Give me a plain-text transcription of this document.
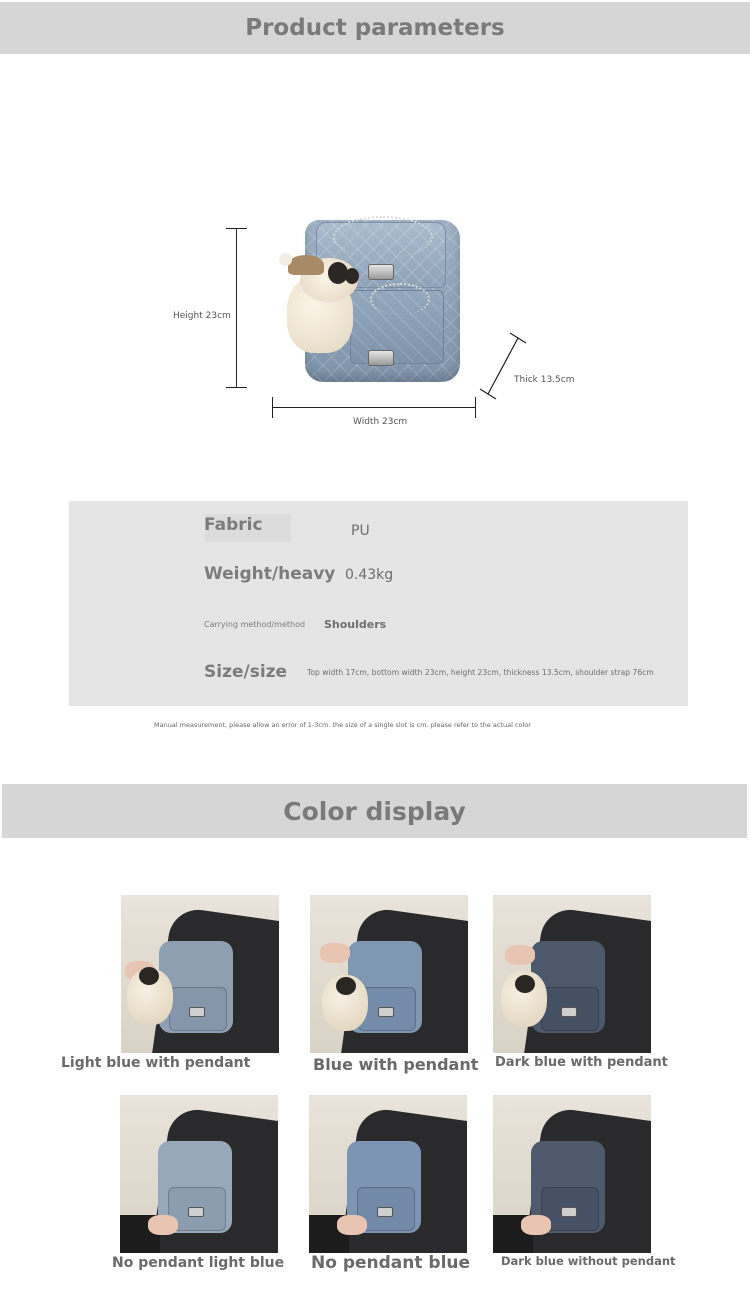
Product parameters
Height 23cm
Width 23cm
Thick 13.5cm
Fabric	PU
Weight/heavy 0.43kg
Carrying method/method Shoulders
Size/size	Top width 17cm, bottom width 23cm, height 23cm, thickness 13.5cm, shoulder strap 76cm
Manual measurement, please allow an error of 1-3cm. the size of a single slot is cm. please refer to the actual color
Color display
Light blue with pendant	Blue with pendant Dark blue with pendant
No pendant light blue No pendant blue	Dark blue without pendant
